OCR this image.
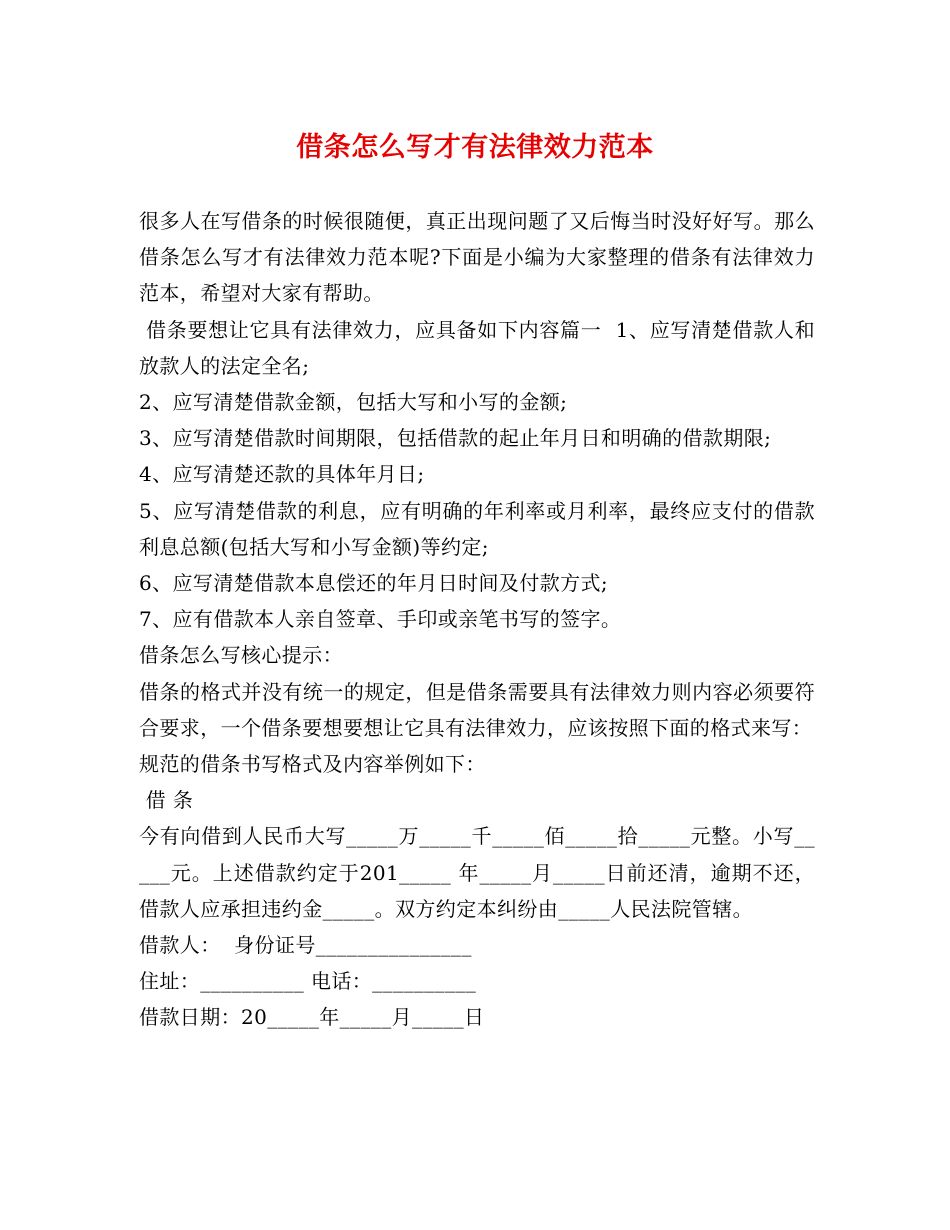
借条怎么写才有法律效力范本

很多人在写借条的时候很随便，真正出现问题了又后悔当时没好好写。那么借条怎么写才有法律效力范本呢?下面是小编为大家整理的借条有法律效力范本，希望对大家有帮助。

借条要想让它具有法律效力，应具备如下内容篇一  1、应写清楚借款人和放款人的法定全名;

2、应写清楚借款金额，包括大写和小写的金额;

3、应写清楚借款时间期限，包括借款的起止年月日和明确的借款期限;

4、应写清楚还款的具体年月日;

5、应写清楚借款的利息，应有明确的年利率或月利率，最终应支付的借款利息总额(包括大写和小写金额)等约定;

6、应写清楚借款本息偿还的年月日时间及付款方式;

7、应有借款本人亲自签章、手印或亲笔书写的签字。

借条怎么写核心提示：

借条的格式并没有统一的规定，但是借条需要具有法律效力则内容必须要符合要求，一个借条要想要想让它具有法律效力，应该按照下面的格式来写：

规范的借条书写格式及内容举例如下：

借 条

今有向借到人民币大写_____万_____千_____佰_____拾_____元整。小写_____元。上述借款约定于201_____ 年_____月_____日前还清，逾期不还，借款人应承担违约金_____。双方约定本纠纷由_____人民法院管辖。

借款人：  身份证号_______________

住址：__________ 电话：__________

借款日期：20_____年_____月_____日
